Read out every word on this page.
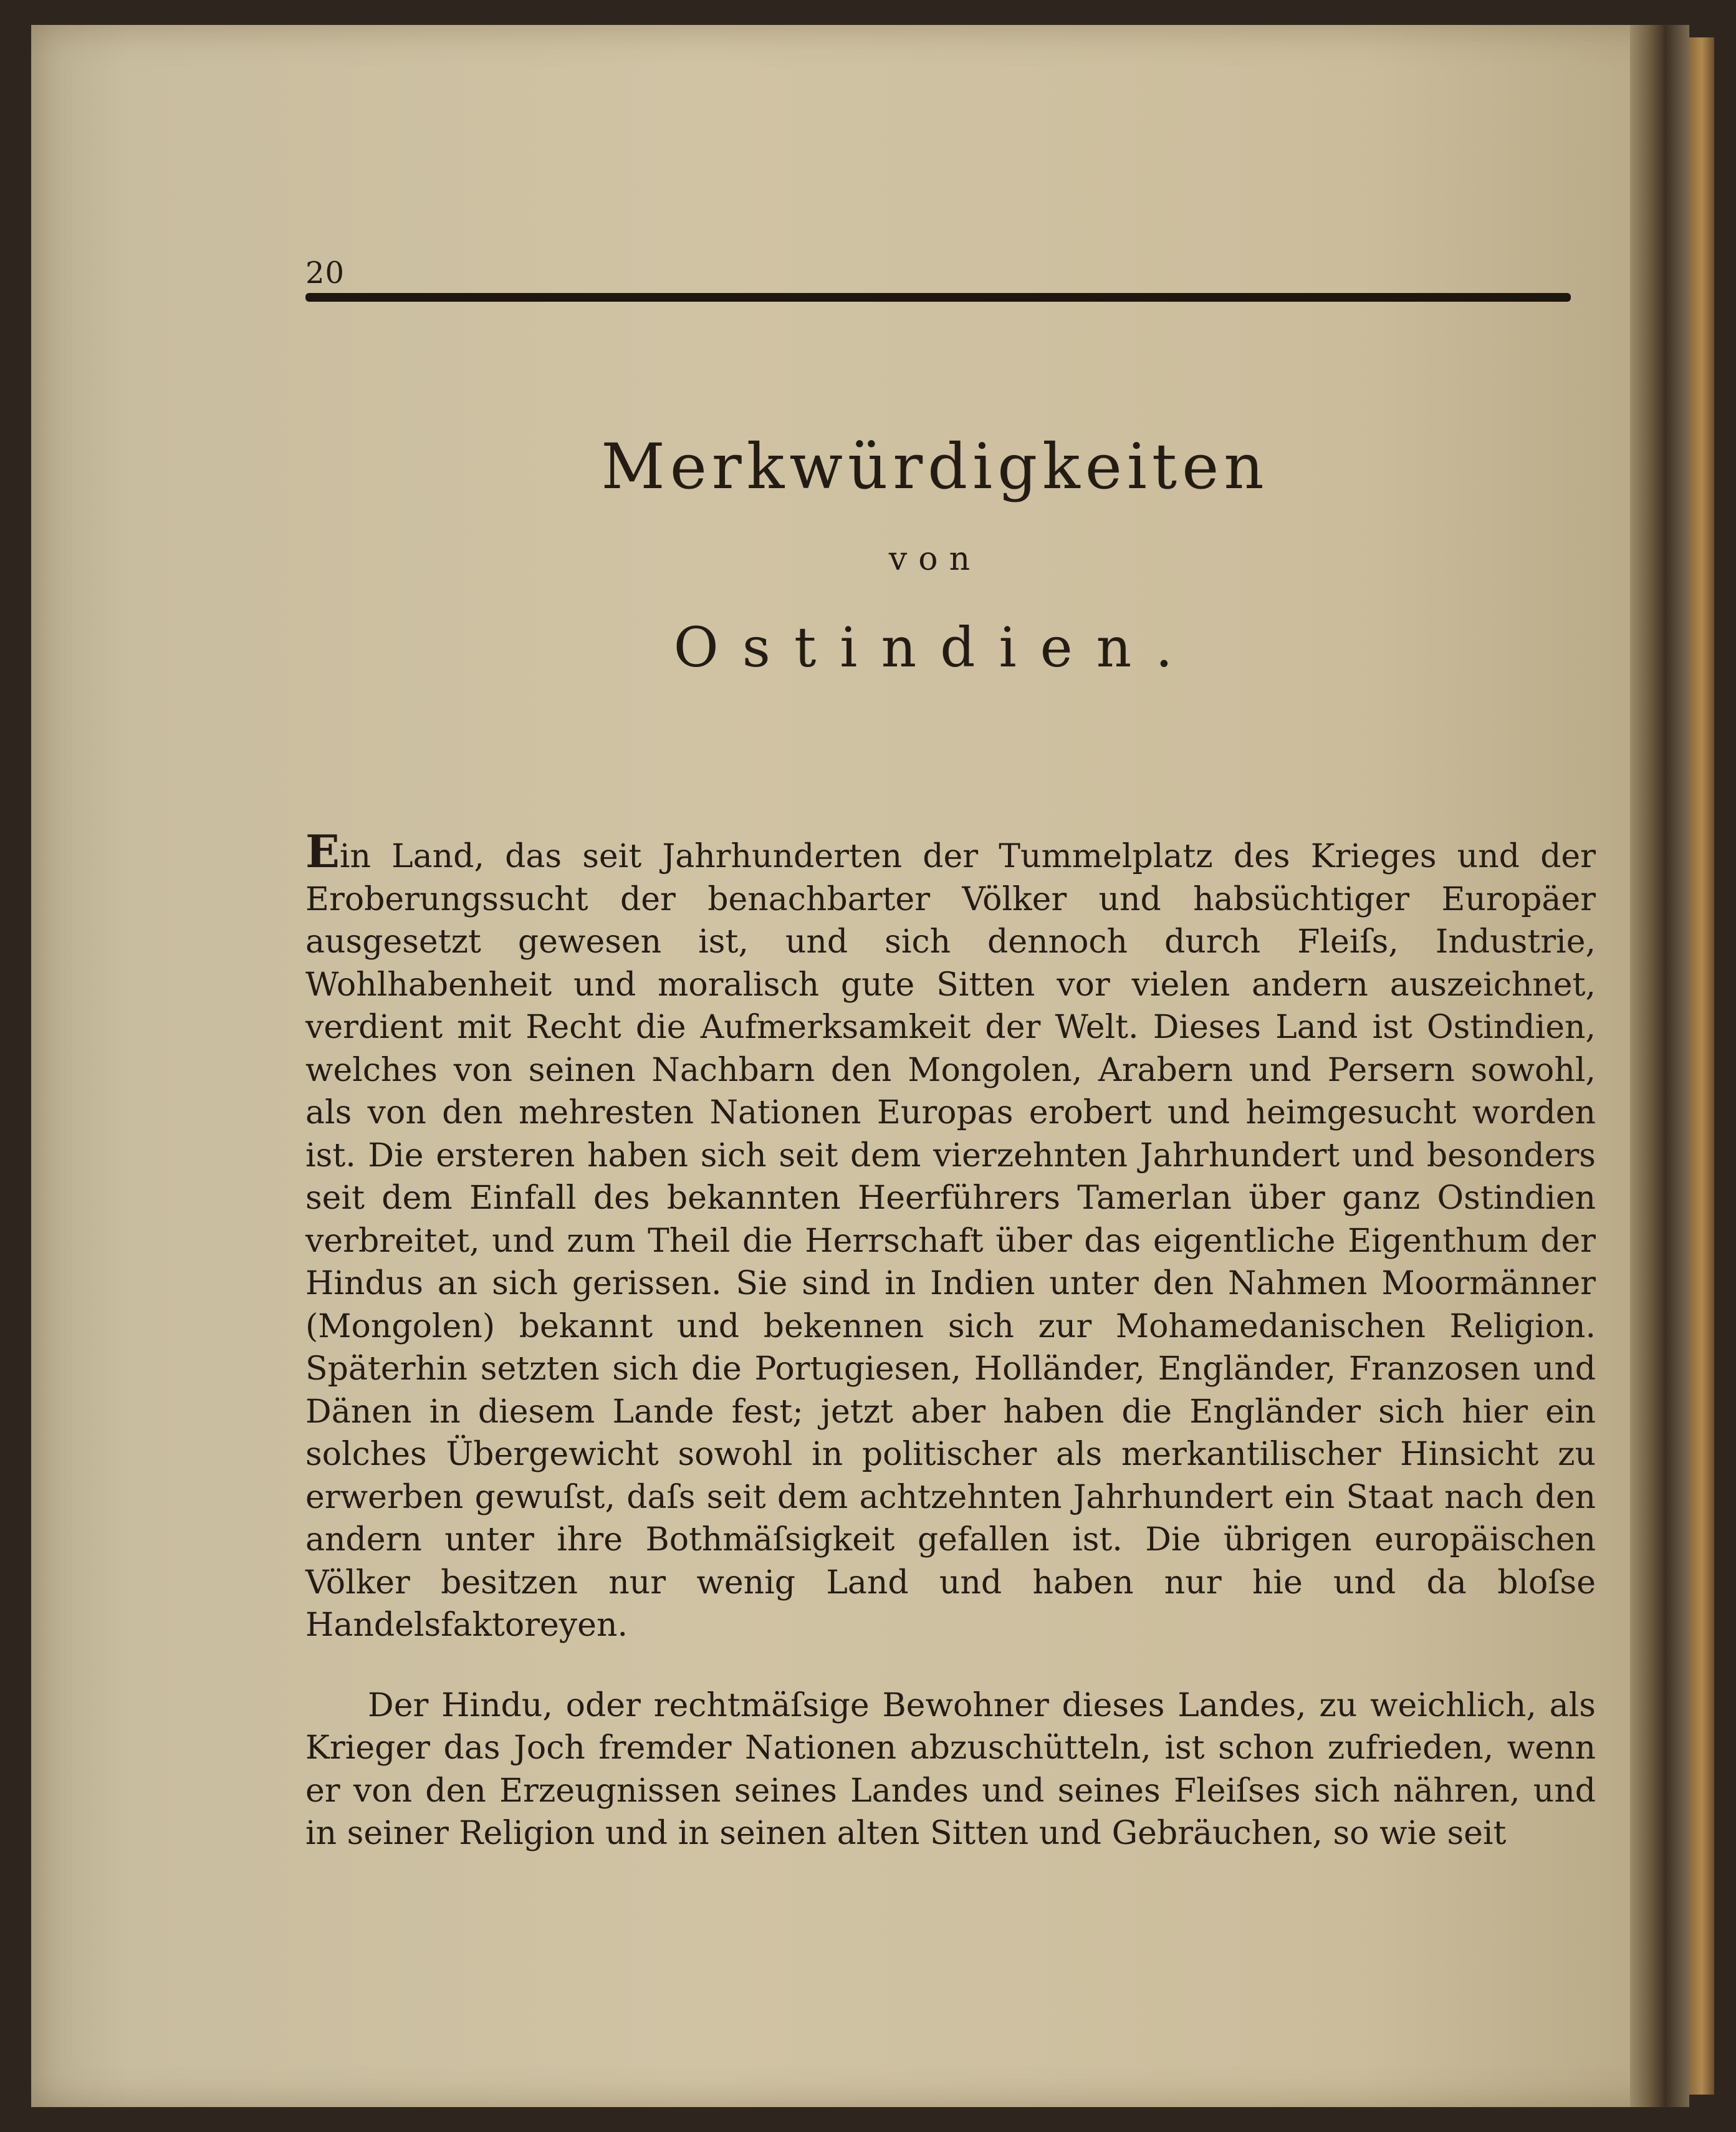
20
Merkwürdigkeiten
von
Ostindien.

Ein Land, das seit Jahrhunderten der Tummelplatz des Krieges und der Eroberungssucht der benachbarter Völker und habsüchtiger Europäer ausgesetzt gewesen ist, und sich dennoch durch Fleiſs, Industrie, Wohlhabenheit und moralisch gute Sitten vor vielen andern auszeichnet, verdient mit Recht die Aufmerksamkeit der Welt. Dieses Land ist Ostindien, welches von seinen Nachbarn den Mongolen, Arabern und Persern sowohl, als von den mehresten Nationen Europas erobert und heimgesucht worden ist. Die ersteren haben sich seit dem vierzehnten Jahrhundert und besonders seit dem Einfall des bekannten Heerführers Tamerlan über ganz Ostindien verbreitet, und zum Theil die Herrschaft über das eigentliche Eigenthum der Hindus an sich gerissen. Sie sind in Indien unter den Nahmen Moormänner (Mongolen) bekannt und bekennen sich zur Mohamedanischen Religion. Späterhin setzten sich die Portugiesen, Holländer, Engländer, Franzosen und Dänen in diesem Lande fest; jetzt aber haben die Engländer sich hier ein solches Übergewicht sowohl in politischer als merkantilischer Hinsicht zu erwerben gewuſst, daſs seit dem achtzehnten Jahrhundert ein Staat nach den andern unter ihre Bothmäſsigkeit gefallen ist. Die übrigen europäischen Völker besitzen nur wenig Land und haben nur hie und da bloſse Handelsfaktoreyen.

Der Hindu, oder rechtmäſsige Bewohner dieses Landes, zu weichlich, als Krieger das Joch fremder Nationen abzuschütteln, ist schon zufrieden, wenn er von den Erzeugnissen seines Landes und seines Fleiſses sich nähren, und in seiner Religion und in seinen alten Sitten und Gebräuchen, so wie seit
